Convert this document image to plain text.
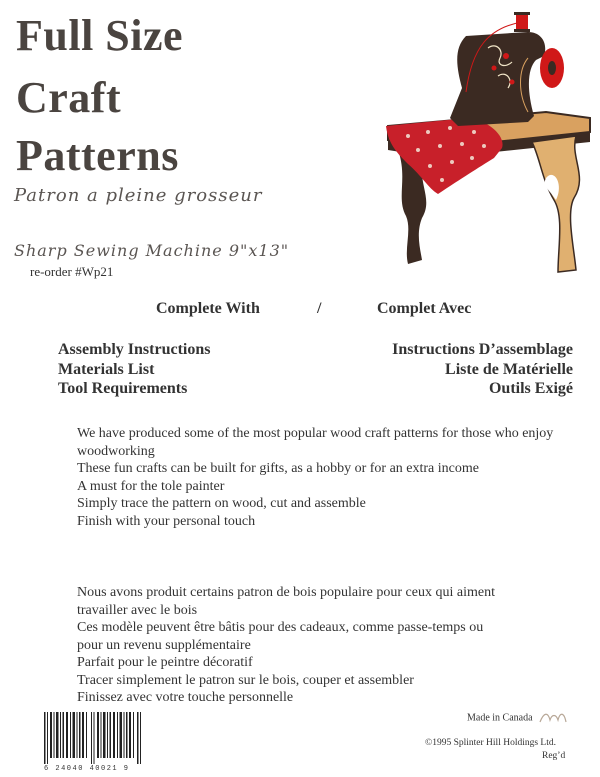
Full Size
Craft
Patterns
Patron a pleine grosseur
Sharp Sewing Machine 9"x13"
re-order #Wp21
Complete With	/	Complet Avec
Assembly Instructions
Materials List
Tool Requirements
Instructions D’assemblage
Liste de Matérielle
Outils Exigé
We have produced some of the most popular wood craft patterns for those who enjoy woodworking
These fun crafts can be built for gifts, as a hobby or for an extra income
A must for the tole painter
Simply trace the pattern on wood, cut and assemble
Finish with your personal touch
Nous avons produit certains patron de bois populaire pour ceux qui aiment travailler avec le bois
Ces modèle peuvent être bâtis pour des cadeaux, comme passe-temps ou pour un revenu supplémentaire
Parfait pour le peintre décoratif
Tracer simplement le patron sur le bois, couper et assembler
Finissez avec votre touche personnelle
6 24040 40021 9
Made in Canada
©1995 Splinter Hill Holdings Ltd.
Reg’d
